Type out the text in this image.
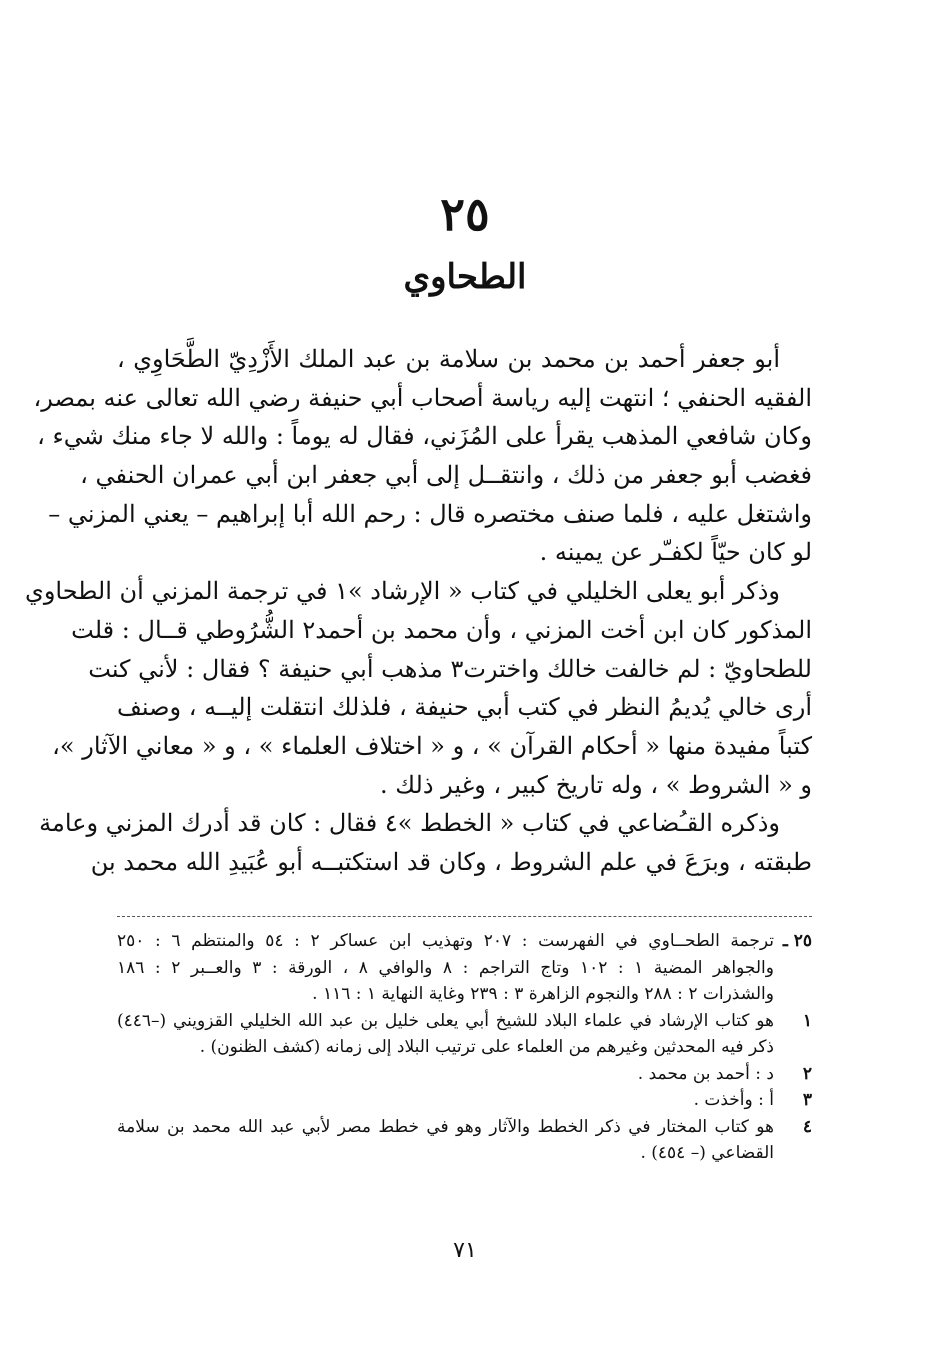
٢٥
الطحاوي
أبو جعفر أحمد بن محمد بن سلامة بن عبد الملك الأَزْدِيّ الطَّحَاوِي ،
الفقيه الحنفي ؛ انتهت إليه رياسة أصحاب أبي حنيفة رضي الله تعالى عنه بمصر،
وكان شافعي المذهب يقرأ على المُزَني، فقال له يوماً : والله لا جاء منك شيء ،
فغضب أبو جعفر من ذلك ، وانتقــل إلى أبي جعفر ابن أبي عمران الحنفي ،
واشتغل عليه ، فلما صنف مختصره قال : رحم الله أبا إبراهيم – يعني المزني –
لو كان حيّاً لكفـّر عن يمينه .
وذكر أبو يعلى الخليلي في كتاب « الإرشاد »١ في ترجمة المزني أن الطحاوي
المذكور كان ابن أخت المزني ، وأن محمد بن أحمد٢ الشُّرُوطي قــال : قلت
للطحاويّ : لم خالفت خالك واخترت٣ مذهب أبي حنيفة ؟ فقال : لأني كنت
أرى خالي يُديمُ النظر في كتب أبي حنيفة ، فلذلك انتقلت إليــه ، وصنف
كتباً مفيدة منها « أحكام القرآن » ، و « اختلاف العلماء » ، و « معاني الآثار »،
و « الشروط » ، وله تاريخ كبير ، وغير ذلك .
وذكره القـُضاعي في كتاب « الخطط »٤ فقال : كان قد أدرك المزني وعامة
طبقته ، وبرَعَ في علم الشروط ، وكان قد استكتبــه أبو عُبَيدِ الله محمد بن
٢٥ ـ
ترجمة الطحــاوي في الفهرست : ٢٠٧ وتهذيب ابن عساكر ٢ : ٥٤ والمنتظم ٦ : ٢٥٠
والجواهر المضية ١ : ١٠٢ وتاج التراجم : ٨ والوافي ٨ ، الورقة : ٣ والعــبر ٢ : ١٨٦
والشذرات ٢ : ٢٨٨ والنجوم الزاهرة ٣ : ٢٣٩ وغاية النهاية ١ : ١١٦ .
١
هو كتاب الإرشاد في علماء البلاد للشيخ أبي يعلى خليل بن عبد الله الخليلي القزويني (–٤٤٦)
ذكر فيه المحدثين وغيرهم من العلماء على ترتيب البلاد إلى زمانه (كشف الظنون) .
٢
د : أحمد بن محمد .
٣
أ : وأخذت .
٤
هو كتاب المختار في ذكر الخطط والآثار وهو في خطط مصر لأبي عبد الله محمد بن سلامة
القضاعي (– ٤٥٤) .
٧١
